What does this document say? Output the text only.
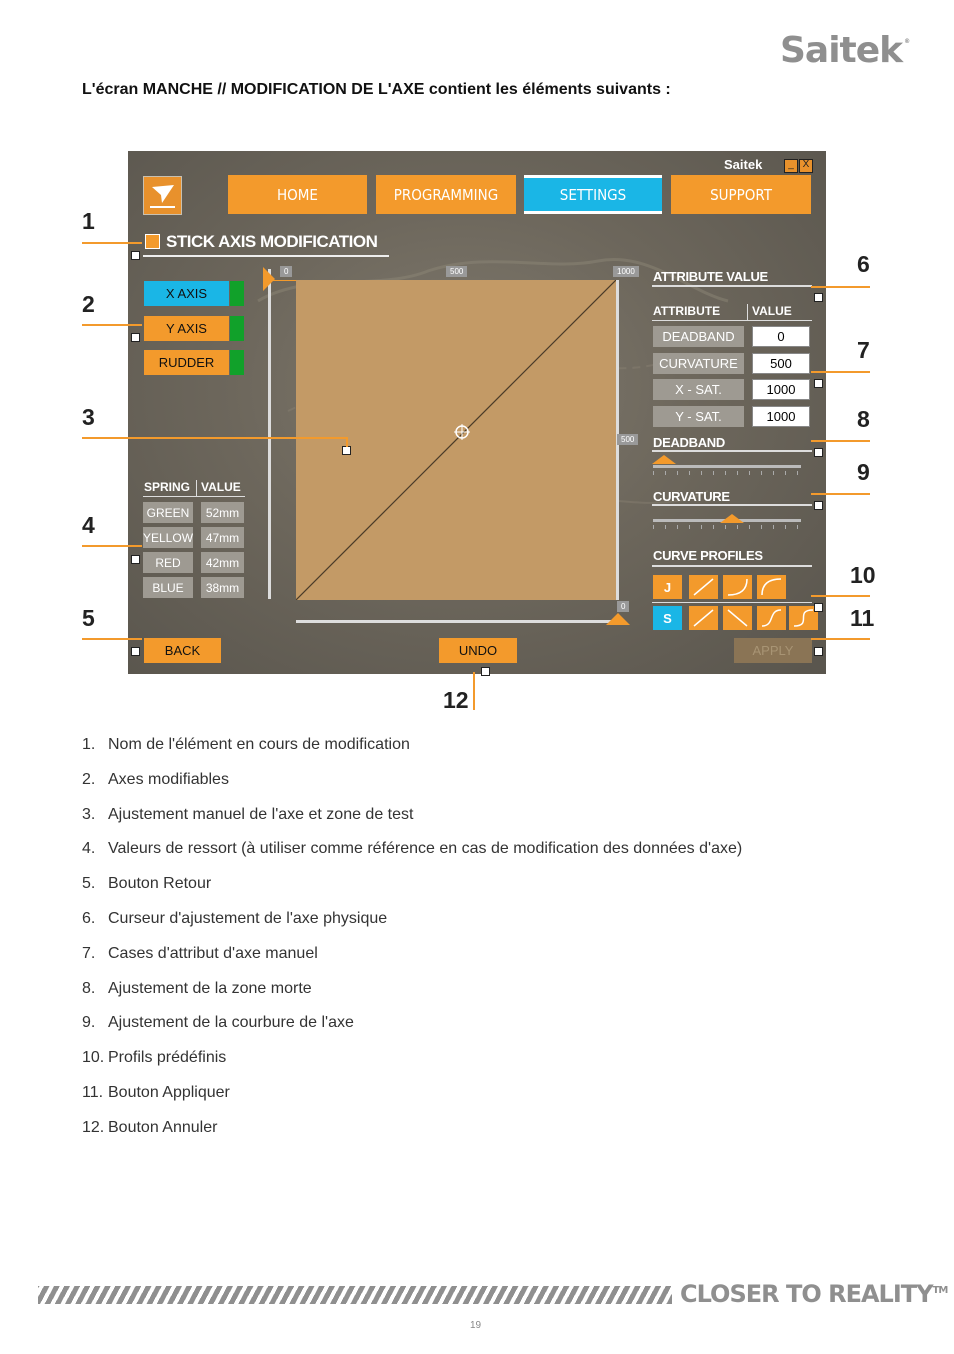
Saitek ®
L'écran MANCHE // MODIFICATION DE L'AXE contient les éléments suivants :
Saitek	_ X
HOME	PROGRAMMING	SETTINGS	SUPPORT
STICK AXIS MODIFICATION
X AXIS
Y AXIS
RUDDER
0	500	1000
500
0
SPRING VALUE
GREEN	52mm
YELLOW	47mm
RED	42mm
BLUE	38mm
ATTRIBUTE VALUE
ATTRIBUTE	VALUE
DEADBAND	0
CURVATURE	500
X - SAT.	1000
Y - SAT.	1000
DEADBAND
CURVATURE
CURVE PROFILES
J
S
BACK	UNDO	APPLY
1
2
3
4
5
6
7
8
9
10
11
12
1. Nom de l'élément en cours de modification
2. Axes modifiables
3. Ajustement manuel de l'axe et zone de test
4. Valeurs de ressort (à utiliser comme référence en cas de modification des données d'axe)
5. Bouton Retour
6. Curseur d'ajustement de l'axe physique
7. Cases d'attribut d'axe manuel
8. Ajustement de la zone morte
9. Ajustement de la courbure de l'axe
10. Profils prédéfinis
11. Bouton Appliquer
12. Bouton Annuler
CLOSER TO REALITY™
19
